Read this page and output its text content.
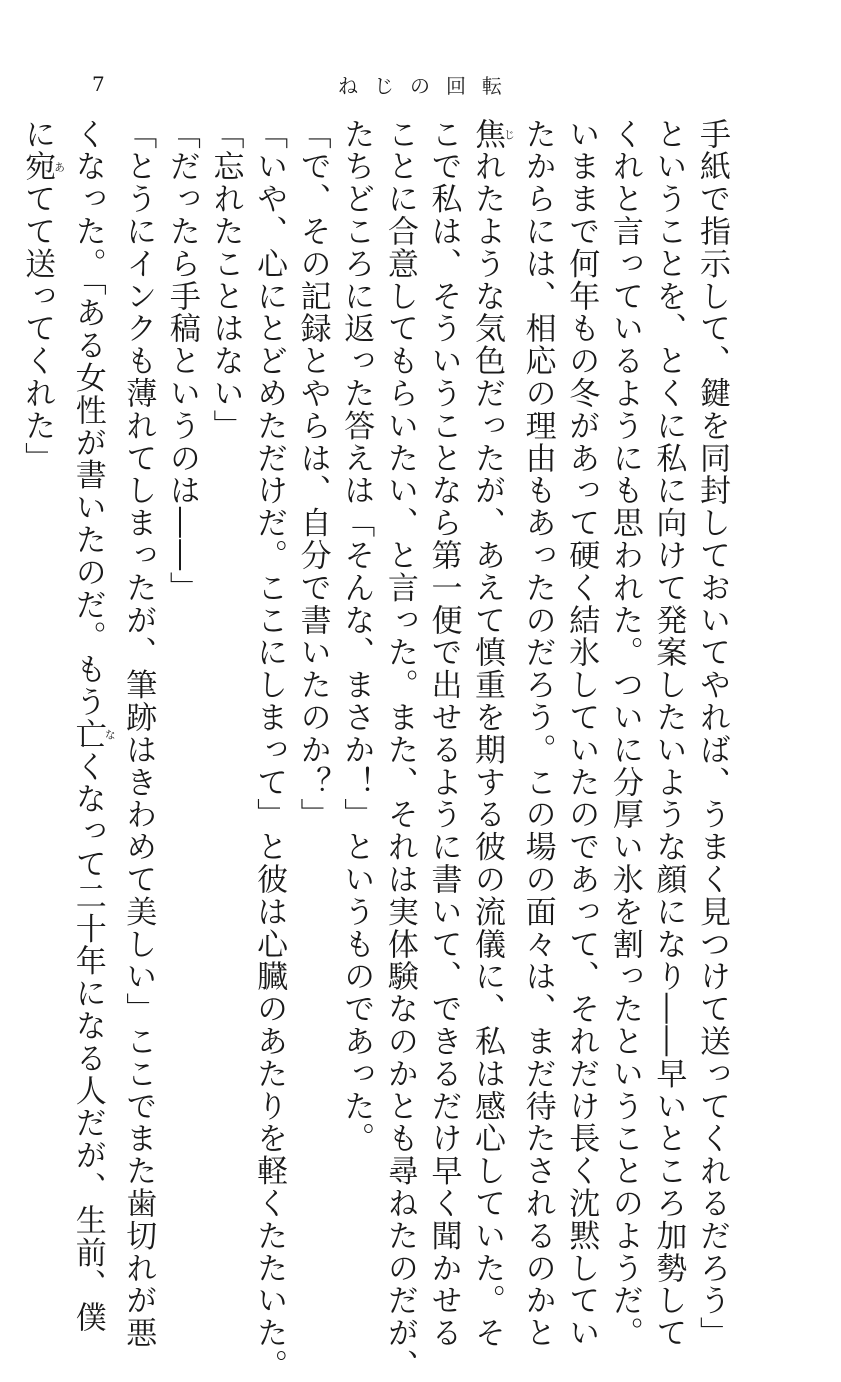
7	ねじの回転
手紙で指示して、鍵を同封しておいてやれば、うまく見つけて送ってくれるだろう」
ということを、とくに私に向けて発案したいような顔になり――早いところ加勢して
くれと言っているようにも思われた。ついに分厚い氷を割ったということのようだ。
いままで何年もの冬があって硬く結氷していたのであって、それだけ長く沈黙してい
たからには、相応の理由もあったのだろう。この場の面々は、まだ待たされるのかと
焦じれたような気色だったが、あえて慎重を期する彼の流儀に、私は感心していた。そ
こで私は、そういうことなら第一便で出せるように書いて、できるだけ早く聞かせる
ことに合意してもらいたい、と言った。また、それは実体験なのかとも尋ねたのだが、
たちどころに返った答えは「そんな、まさか！」というものであった。
「で、その記録とやらは、自分で書いたのか？」
「いや、心にとどめただけだ。ここにしまって」と彼は心臓のあたりを軽くたたいた。
「忘れたことはない」
「だったら手稿というのは――」
「とうにインクも薄れてしまったが、筆跡はきわめて美しい」ここでまた歯切れが悪
くなった。「ある女性が書いたのだ。もう亡なくなって二十年になる人だが、生前、僕
に宛あてて送ってくれた」
